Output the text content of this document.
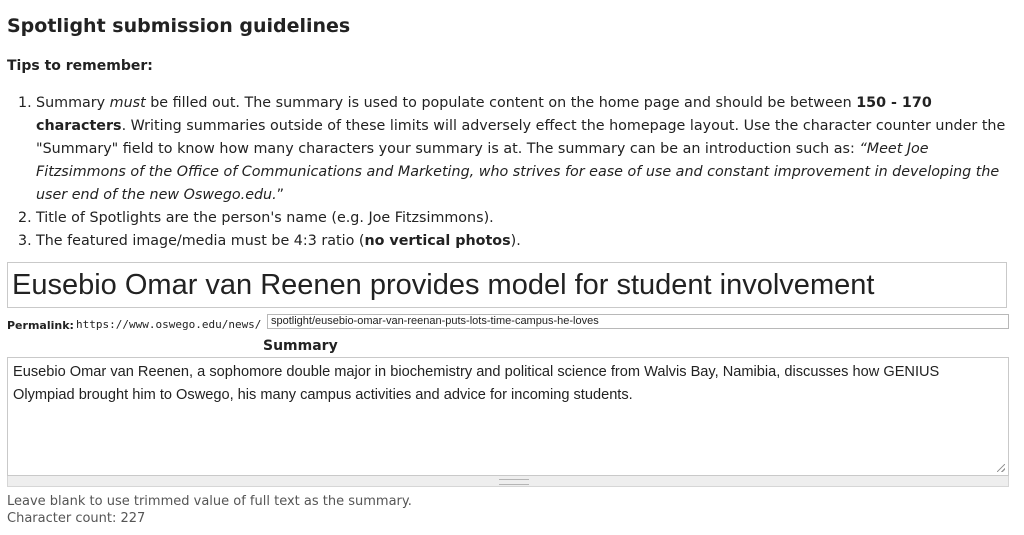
Spotlight submission guidelines
Tips to remember:
1. Summary must be filled out. The summary is used to populate content on the home page and should be between 150 - 170 characters. Writing summaries outside of these limits will adversely effect the homepage layout. Use the character counter under the "Summary" field to know how many characters your summary is at. The summary can be an introduction such as: “Meet Joe Fitzsimmons of the Office of Communications and Marketing, who strives for ease of use and constant improvement in developing the user end of the new Oswego.edu.”
2. Title of Spotlights are the person's name (e.g. Joe Fitzsimmons).
3. The featured image/media must be 4:3 ratio (no vertical photos).
Eusebio Omar van Reenen provides model for student involvement
Permalink: https://www.oswego.edu/news/ spotlight/eusebio-omar-van-reenan-puts-lots-time-campus-he-loves
Summary
Eusebio Omar van Reenen, a sophomore double major in biochemistry and political science from Walvis Bay, Namibia, discusses how GENIUS Olympiad brought him to Oswego, his many campus activities and advice for incoming students.
Leave blank to use trimmed value of full text as the summary.
Character count: 227
